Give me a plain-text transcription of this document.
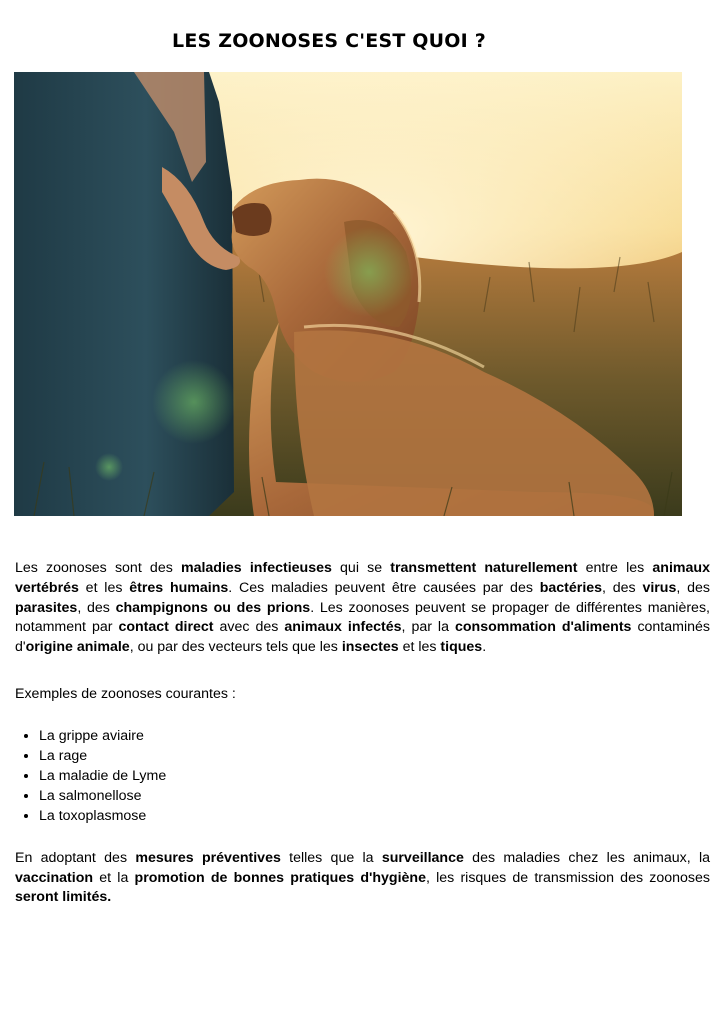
LES ZOONOSES C'EST QUOI ?

Les zoonoses sont des maladies infectieuses qui se transmettent naturellement entre les animaux vertébrés et les êtres humains. Ces maladies peuvent être causées par des bactéries, des virus, des parasites, des champignons ou des prions. Les zoonoses peuvent se propager de différentes manières, notamment par contact direct avec des animaux infectés, par la consommation d'aliments contaminés d'origine animale, ou par des vecteurs tels que les insectes et les tiques.

Exemples de zoonoses courantes :

• La grippe aviaire
• La rage
• La maladie de Lyme
• La salmonellose
• La toxoplasmose

En adoptant des mesures préventives telles que la surveillance des maladies chez les animaux, la vaccination et la promotion de bonnes pratiques d'hygiène, les risques de transmission des zoonoses seront limités.
